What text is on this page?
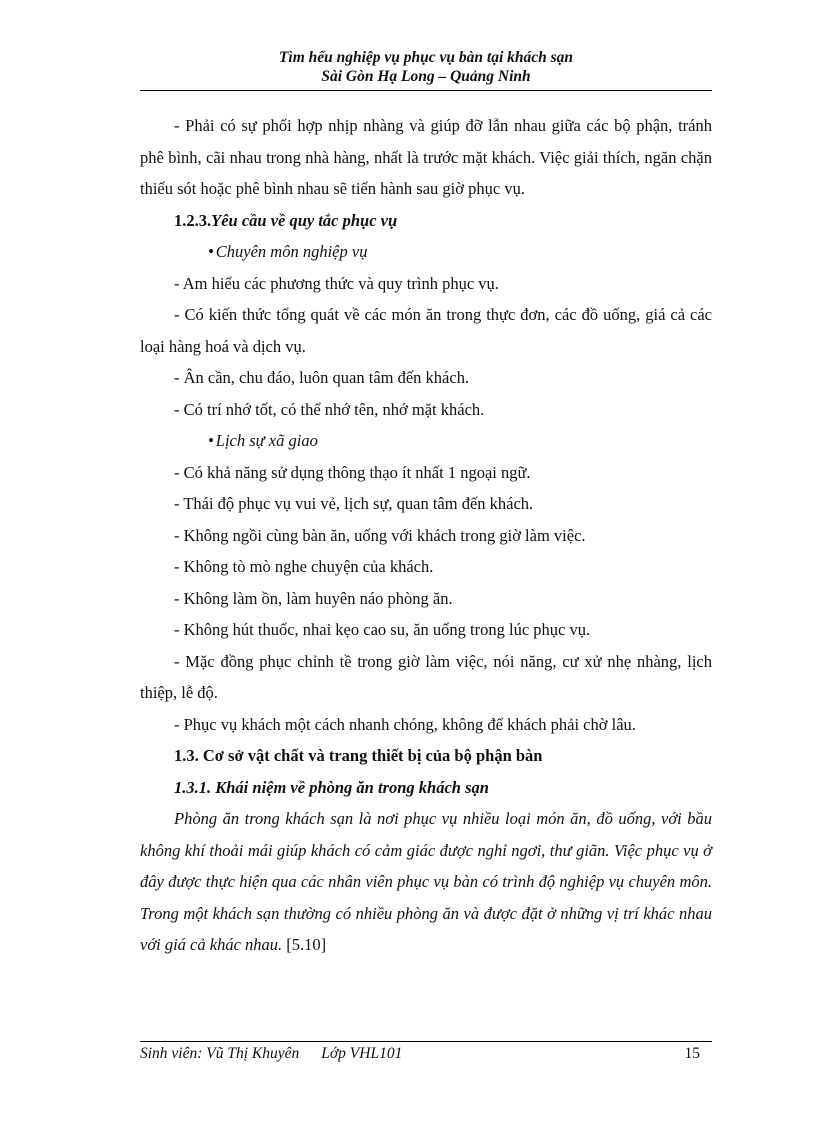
Tìm hểu nghiệp vụ phục vụ bàn tại khách sạn
Sài Gòn Hạ Long – Quảng Ninh

- Phải có sự phối hợp nhịp nhàng và giúp đỡ lẫn nhau giữa các bộ phận, tránh phê bình, cãi nhau trong nhà hàng, nhất là trước mặt khách. Việc giải thích, ngăn chặn thiếu sót hoặc phê bình nhau sẽ tiến hành sau giờ phục vụ.

1.2.3.Yêu cầu về quy tắc phục vụ

• Chuyên môn nghiệp vụ

- Am hiểu các phương thức và quy trình phục vụ.

- Có kiến thức tổng quát về các món ăn trong thực đơn, các đồ uống, giá cả các loại hàng hoá và dịch vụ.

- Ân cần, chu đáo, luôn quan tâm đến khách.

- Có trí nhớ tốt, có thể nhớ tên, nhớ mặt khách.

• Lịch sự xã giao

- Có khả năng sử dụng thông thạo ít nhất 1 ngoại ngữ.

- Thái độ phục vụ vui vẻ, lịch sự, quan tâm đến khách.

- Không ngồi cùng bàn ăn, uống với khách trong giờ làm việc.

- Không tò mò nghe chuyện của khách.

- Không làm ồn, làm huyên náo phòng ăn.

- Không hút thuốc, nhai kẹo cao su, ăn uống trong lúc phục vụ.

- Mặc đồng phục chỉnh tề trong giờ làm việc, nói năng, cư xử nhẹ nhàng, lịch thiệp, lễ độ.

- Phục vụ khách một cách nhanh chóng, không để khách phải chờ lâu.

1.3. Cơ sở vật chất và trang thiết bị của bộ phận bàn

1.3.1. Khái niệm về phòng ăn trong khách sạn

Phòng ăn trong khách sạn là nơi phục vụ nhiều loại món ăn, đồ uống, với bầu không khí thoải mái giúp khách có cảm giác được nghỉ ngơi, thư giãn. Việc phục vụ ở đây được thực hiện qua các nhân viên phục vụ bàn có trình độ nghiệp vụ chuyên môn. Trong một khách sạn thường có nhiều phòng ăn và được đặt ở những vị trí khác nhau với giá cả khác nhau. [5.10]

Sinh viên: Vũ Thị Khuyên Lớp VHL101	15
